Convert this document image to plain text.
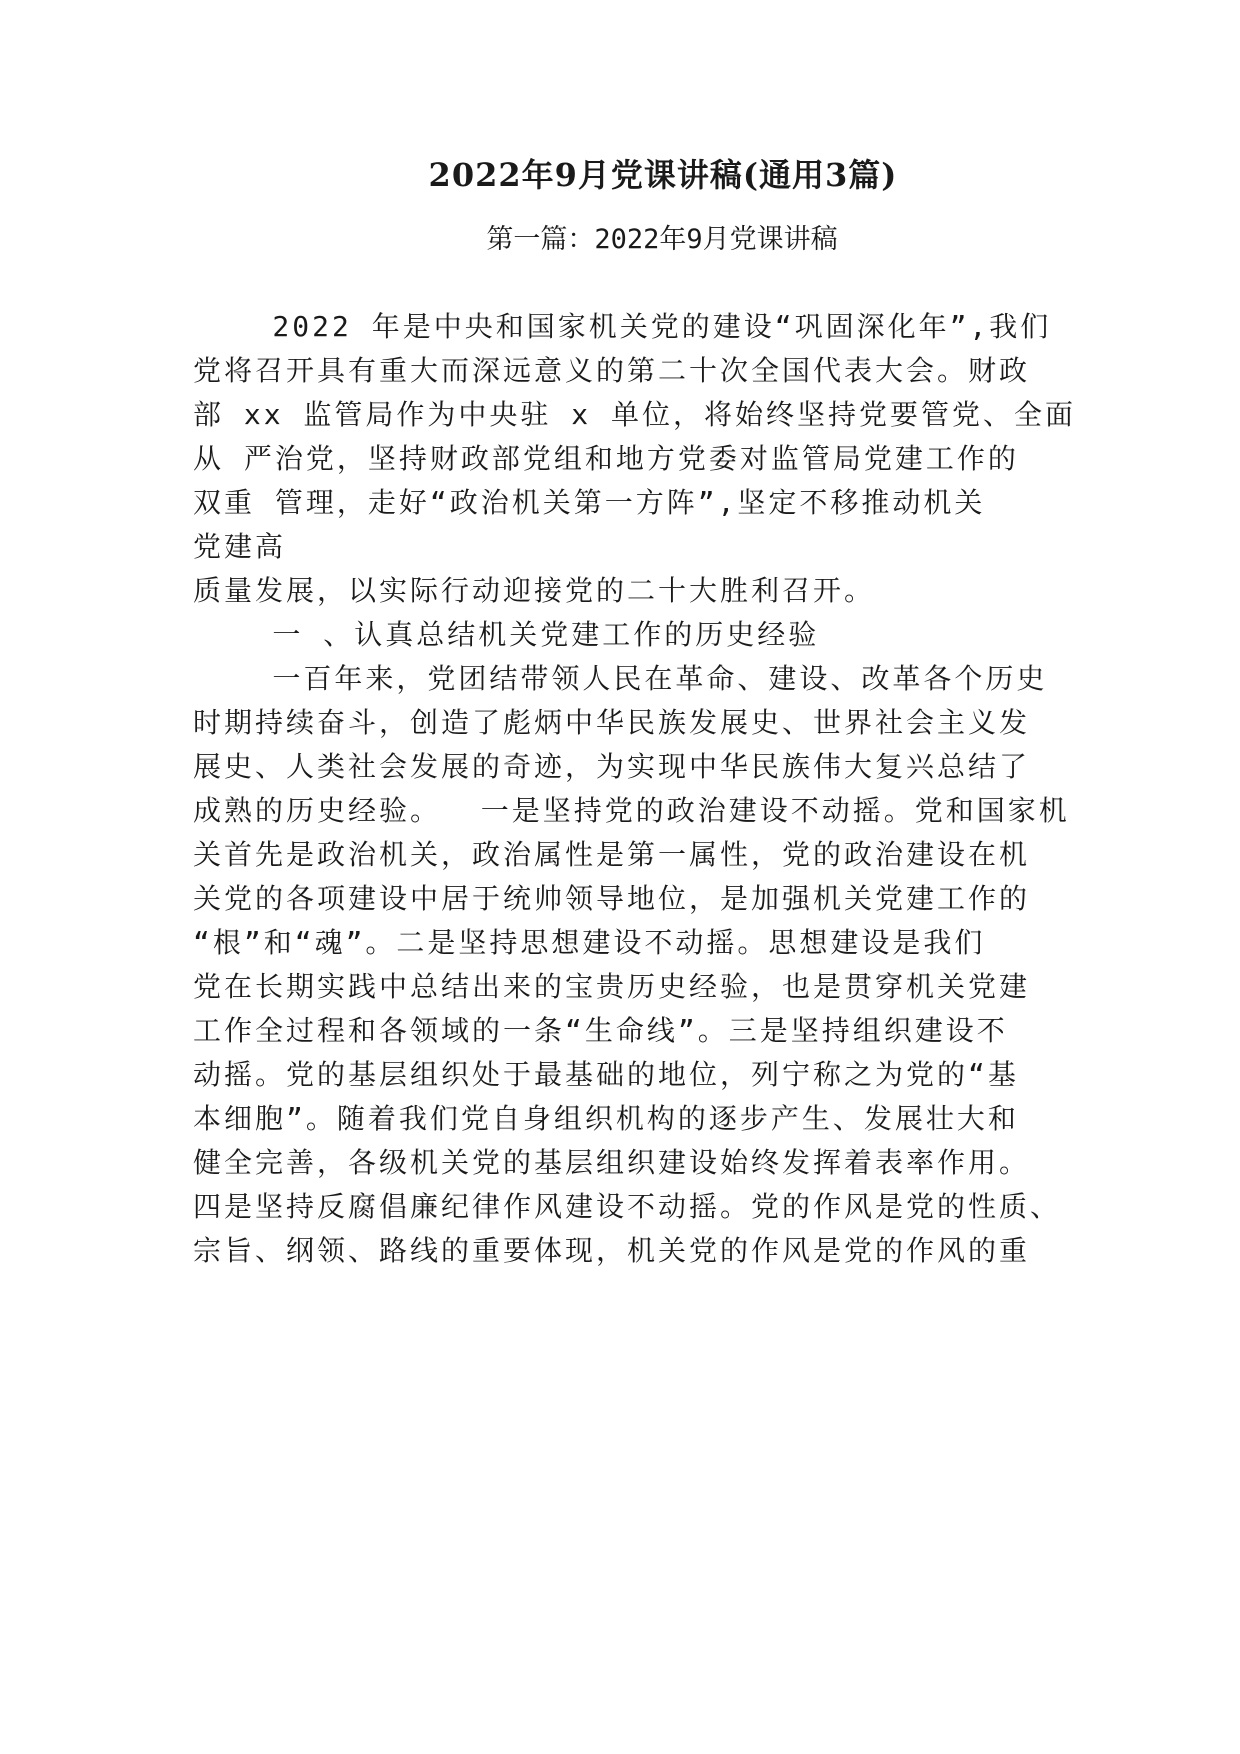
2022年9月党课讲稿(通用3篇)
第一篇：2022年9月党课讲稿
2022 年是中央和国家机关党的建设“巩固深化年”,我们
党将召开具有重大而深远意义的第二十次全国代表大会。财政
部 xx 监管局作为中央驻 x 单位，将始终坚持党要管党、全面
从 严治党，坚持财政部党组和地方党委对监管局党建工作的
双重 管理，走好“政治机关第一方阵”,坚定不移推动机关
党建高
质量发展，以实际行动迎接党的二十大胜利召开。
一 、认真总结机关党建工作的历史经验
一百年来，党团结带领人民在革命、建设、改革各个历史
时期持续奋斗，创造了彪炳中华民族发展史、世界社会主义发
展史、人类社会发展的奇迹，为实现中华民族伟大复兴总结了
成熟的历史经验。  一是坚持党的政治建设不动摇。党和国家机
关首先是政治机关，政治属性是第一属性，党的政治建设在机
关党的各项建设中居于统帅领导地位，是加强机关党建工作的
“根”和“魂”。二是坚持思想建设不动摇。思想建设是我们
党在长期实践中总结出来的宝贵历史经验，也是贯穿机关党建
工作全过程和各领域的一条“生命线”。三是坚持组织建设不
动摇。党的基层组织处于最基础的地位，列宁称之为党的“基
本细胞”。随着我们党自身组织机构的逐步产生、发展壮大和
健全完善，各级机关党的基层组织建设始终发挥着表率作用。
四是坚持反腐倡廉纪律作风建设不动摇。党的作风是党的性质、
宗旨、纲领、路线的重要体现，机关党的作风是党的作风的重
